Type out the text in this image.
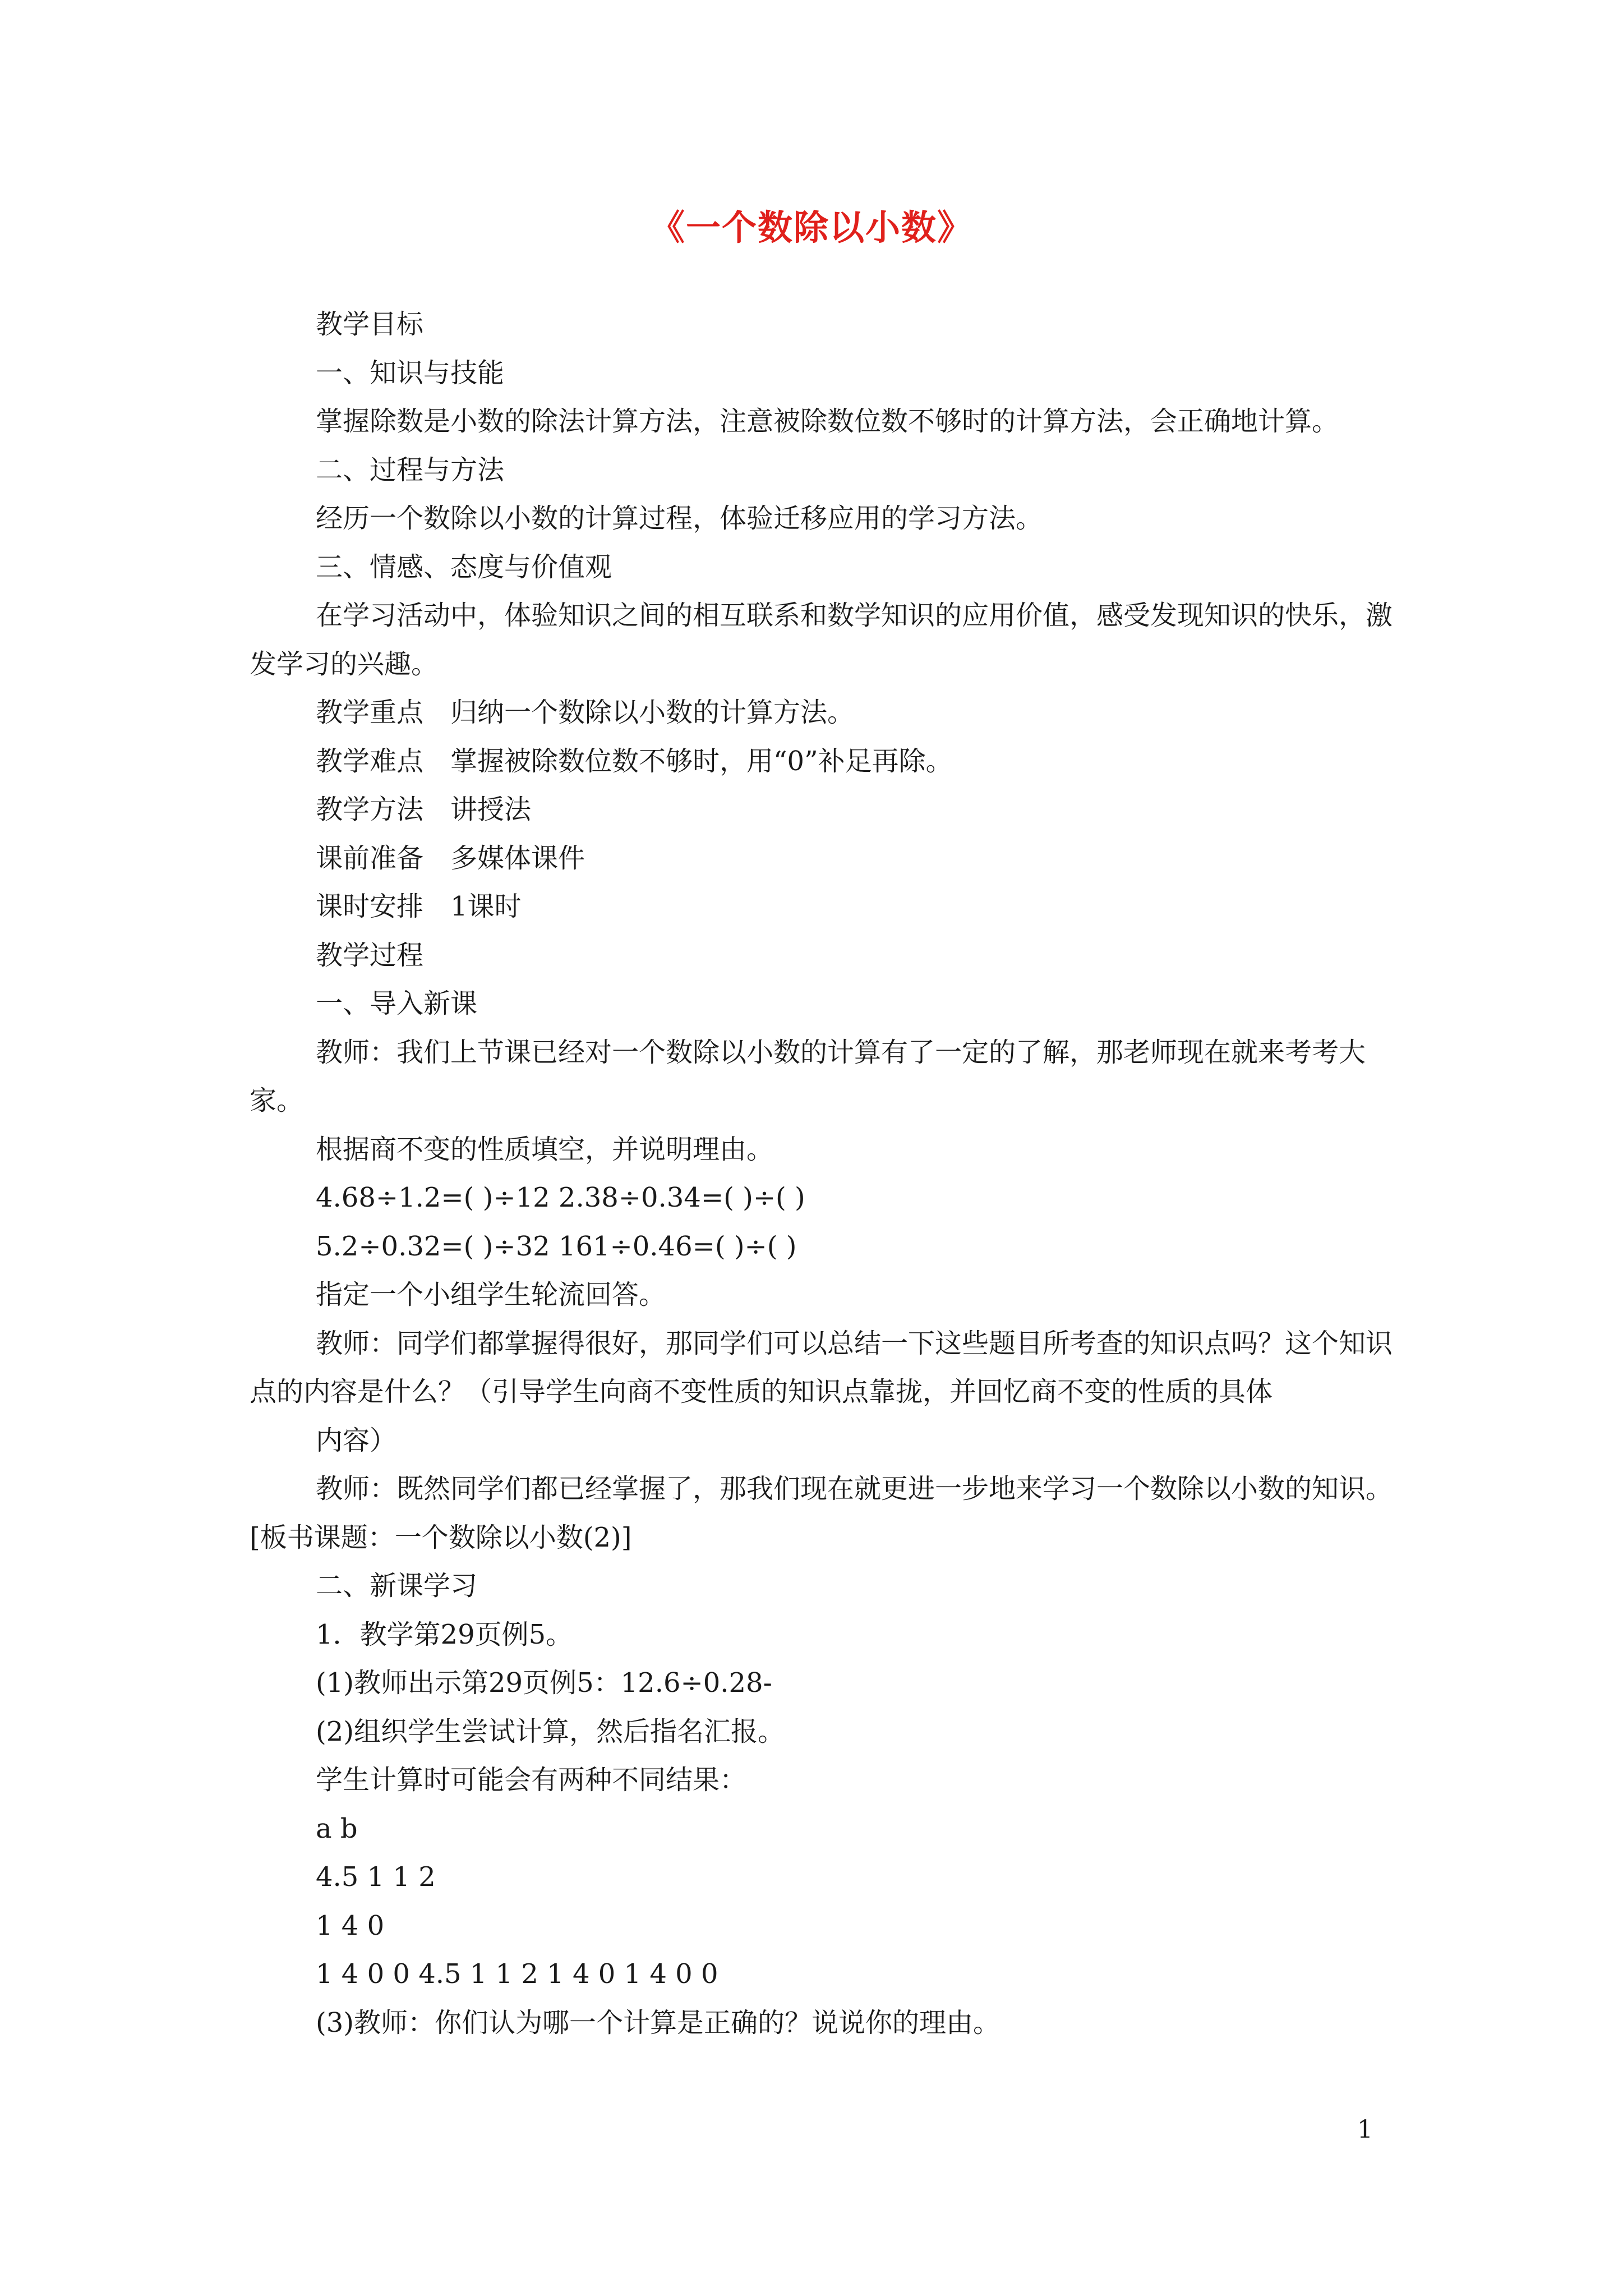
《一个数除以小数》

教学目标

一、知识与技能

掌握除数是小数的除法计算方法，注意被除数位数不够时的计算方法，会正确地计算。

二、过程与方法

经历一个数除以小数的计算过程，体验迁移应用的学习方法。

三、情感、态度与价值观

在学习活动中，体验知识之间的相互联系和数学知识的应用价值，感受发现知识的快乐，激发学习的兴趣。

教学重点　归纳一个数除以小数的计算方法。

教学难点　掌握被除数位数不够时，用“0”补足再除。

教学方法　讲授法

课前准备　多媒体课件

课时安排　1课时

教学过程

一、导入新课

教师：我们上节课已经对一个数除以小数的计算有了一定的了解，那老师现在就来考考大家。

根据商不变的性质填空，并说明理由。

4.68÷1.2=( )÷12 2.38÷0.34=( )÷( )

5.2÷0.32=( )÷32 161÷0.46=( )÷( )

指定一个小组学生轮流回答。

教师：同学们都掌握得很好，那同学们可以总结一下这些题目所考查的知识点吗？这个知识点的内容是什么？（引导学生向商不变性质的知识点靠拢，并回忆商不变的性质的具体

内容）

教师：既然同学们都已经掌握了，那我们现在就更进一步地来学习一个数除以小数的知识。[板书课题：一个数除以小数(2)]

二、新课学习

1．教学第29页例5。

(1)教师出示第29页例5：12.6÷0.28-

(2)组织学生尝试计算，然后指名汇报。

学生计算时可能会有两种不同结果：

a b

4.5 1 1 2

1 4 0

1 4 0 0 4.5 1 1 2 1 4 0 1 4 0 0

(3)教师：你们认为哪一个计算是正确的？说说你的理由。

1
